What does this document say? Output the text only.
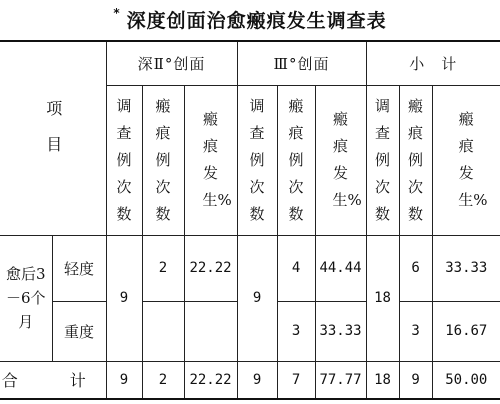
* 深度创面治愈瘢痕发生调查表
项目		深Ⅱ°创面			Ⅲ°创面			小　计		
		调查例次数	瘢痕例次数	瘢痕发生%	调查例次数	瘢痕例次数	瘢痕发生%	调查例次数	瘢痕例次数	瘢痕发生%
愈后3－6个月	轻度	9	2	22.22	9	4	44.44	18	6	33.33
	重度					3	33.33		3	16.67
合　计		9	2	22.22	9	7	77.77	18	9	50.00
